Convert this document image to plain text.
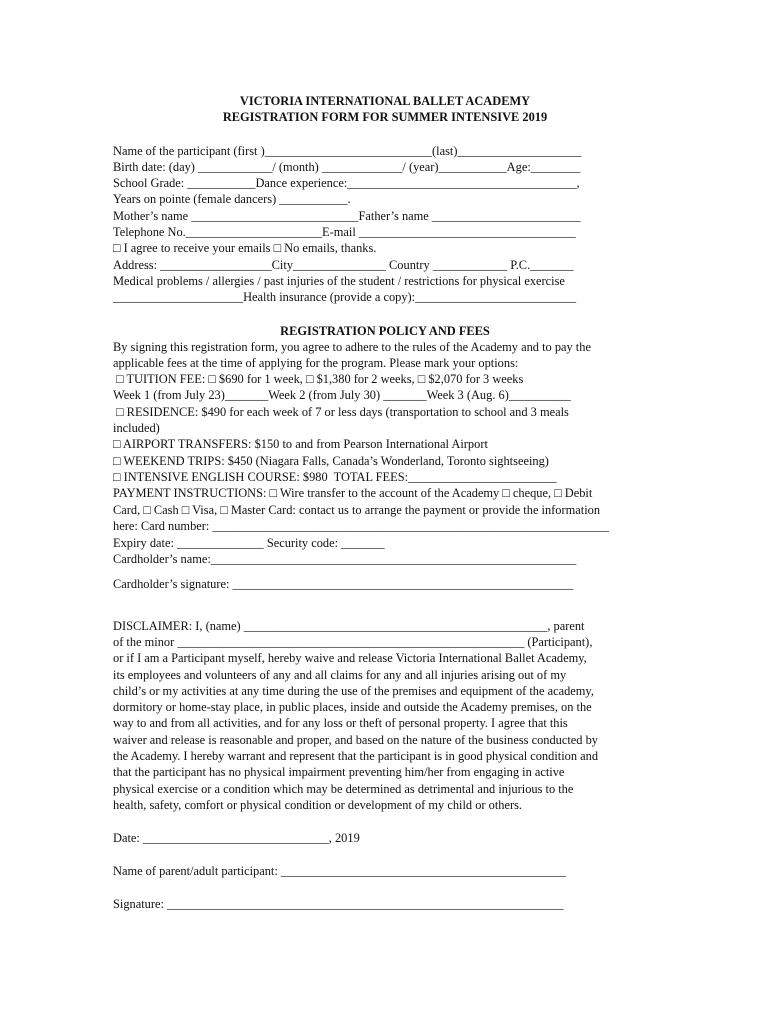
VICTORIA INTERNATIONAL BALLET ACADEMY
REGISTRATION FORM FOR SUMMER INTENSIVE 2019
Name of the participant (first )___________________________(last)____________________
Birth date: (day) ____________/ (month) _____________/ (year)___________Age:________
School Grade: ___________Dance experience:_____________________________________,
Years on pointe (female dancers) ___________.
Mother’s name ___________________________Father’s name ________________________
Telephone No.______________________E-mail ___________________________________
□ I agree to receive your emails □ No emails, thanks.
Address: __________________City_______________ Country ____________ P.C._______
Medical problems / allergies / past injuries of the student / restrictions for physical exercise
_____________________Health insurance (provide a copy):__________________________
REGISTRATION POLICY AND FEES
By signing this registration form, you agree to adhere to the rules of the Academy and to pay the
applicable fees at the time of applying for the program. Please mark your options:
□ TUITION FEE: □ $690 for 1 week, □ $1,380 for 2 weeks, □ $2,070 for 3 weeks
Week 1 (from July 23)_______Week 2 (from July 30) _______Week 3 (Aug. 6)__________
□ RESIDENCE: $490 for each week of 7 or less days (transportation to school and 3 meals
included)
□ AIRPORT TRANSFERS: $150 to and from Pearson International Airport
□ WEEKEND TRIPS: $450 (Niagara Falls, Canada’s Wonderland, Toronto sightseeing)
□ INTENSIVE ENGLISH COURSE: $980  TOTAL FEES:________________________
PAYMENT INSTRUCTIONS: □ Wire transfer to the account of the Academy □ cheque, □ Debit
Card, □ Cash □ Visa, □ Master Card: contact us to arrange the payment or provide the information
here: Card number: ________________________________________________________________
Expiry date: ______________ Security code: _______
Cardholder’s name:___________________________________________________________
Cardholder’s signature: _______________________________________________________
DISCLAIMER: I, (name) _________________________________________________, parent
of the minor ________________________________________________________ (Participant),
or if I am a Participant myself, hereby waive and release Victoria International Ballet Academy,
its employees and volunteers of any and all claims for any and all injuries arising out of my
child’s or my activities at any time during the use of the premises and equipment of the academy,
dormitory or home-stay place, in public places, inside and outside the Academy premises, on the
way to and from all activities, and for any loss or theft of personal property. I agree that this
waiver and release is reasonable and proper, and based on the nature of the business conducted by
the Academy. I hereby warrant and represent that the participant is in good physical condition and
that the participant has no physical impairment preventing him/her from engaging in active
physical exercise or a condition which may be determined as detrimental and injurious to the
health, safety, comfort or physical condition or development of my child or others.
Date: ______________________________, 2019
Name of parent/adult participant: ______________________________________________
Signature: ________________________________________________________________
